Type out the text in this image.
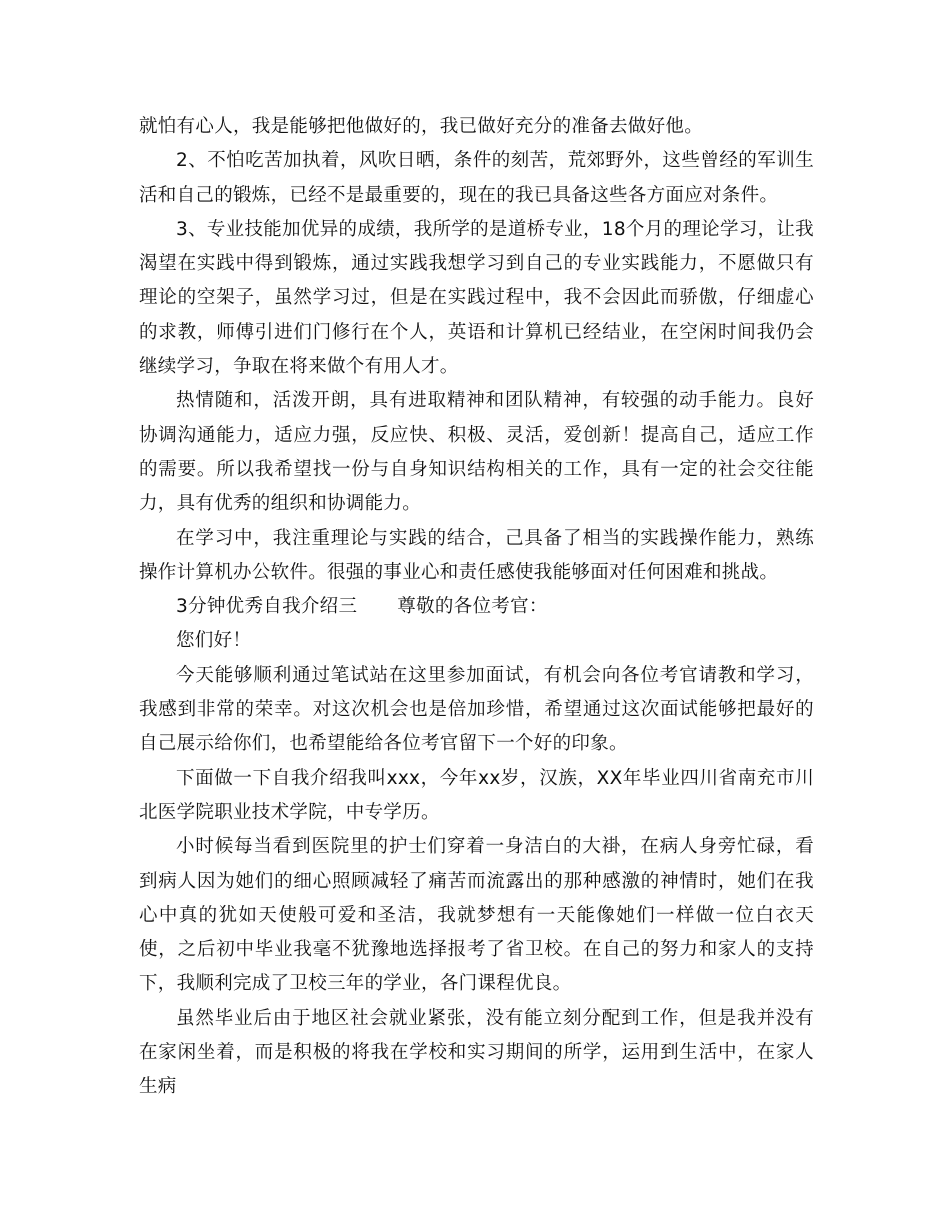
就怕有心人，我是能够把他做好的，我已做好充分的准备去做好他。

2、不怕吃苦加执着，风吹日晒，条件的刻苦，荒郊野外，这些曾经的军训生活和自己的锻炼，已经不是最重要的，现在的我已具备这些各方面应对条件。

3、专业技能加优异的成绩，我所学的是道桥专业，18个月的理论学习，让我渴望在实践中得到锻炼，通过实践我想学习到自己的专业实践能力，不愿做只有理论的空架子，虽然学习过，但是在实践过程中，我不会因此而骄傲，仔细虚心的求教，师傅引进们门修行在个人，英语和计算机已经结业，在空闲时间我仍会继续学习，争取在将来做个有用人才。

热情随和，活泼开朗，具有进取精神和团队精神，有较强的动手能力。良好协调沟通能力，适应力强，反应快、积极、灵活，爱创新！提高自己，适应工作的需要。所以我希望找一份与自身知识结构相关的工作，具有一定的社会交往能力，具有优秀的组织和协调能力。

在学习中，我注重理论与实践的结合，己具备了相当的实践操作能力，熟练操作计算机办公软件。很强的事业心和责任感使我能够面对任何困难和挑战。

3分钟优秀自我介绍三 尊敬的各位考官：

您们好！

今天能够顺利通过笔试站在这里参加面试，有机会向各位考官请教和学习，我感到非常的荣幸。对这次机会也是倍加珍惜，希望通过这次面试能够把最好的自己展示给你们，也希望能给各位考官留下一个好的印象。

下面做一下自我介绍我叫xxx，今年xx岁，汉族，XX年毕业四川省南充市川北医学院职业技术学院，中专学历。

小时候每当看到医院里的护士们穿着一身洁白的大褂，在病人身旁忙碌，看到病人因为她们的细心照顾减轻了痛苦而流露出的那种感激的神情时，她们在我心中真的犹如天使般可爱和圣洁，我就梦想有一天能像她们一样做一位白衣天使，之后初中毕业我毫不犹豫地选择报考了省卫校。在自己的努力和家人的支持下，我顺利完成了卫校三年的学业，各门课程优良。

虽然毕业后由于地区社会就业紧张，没有能立刻分配到工作，但是我并没有在家闲坐着，而是积极的将我在学校和实习期间的所学，运用到生活中，在家人生病
